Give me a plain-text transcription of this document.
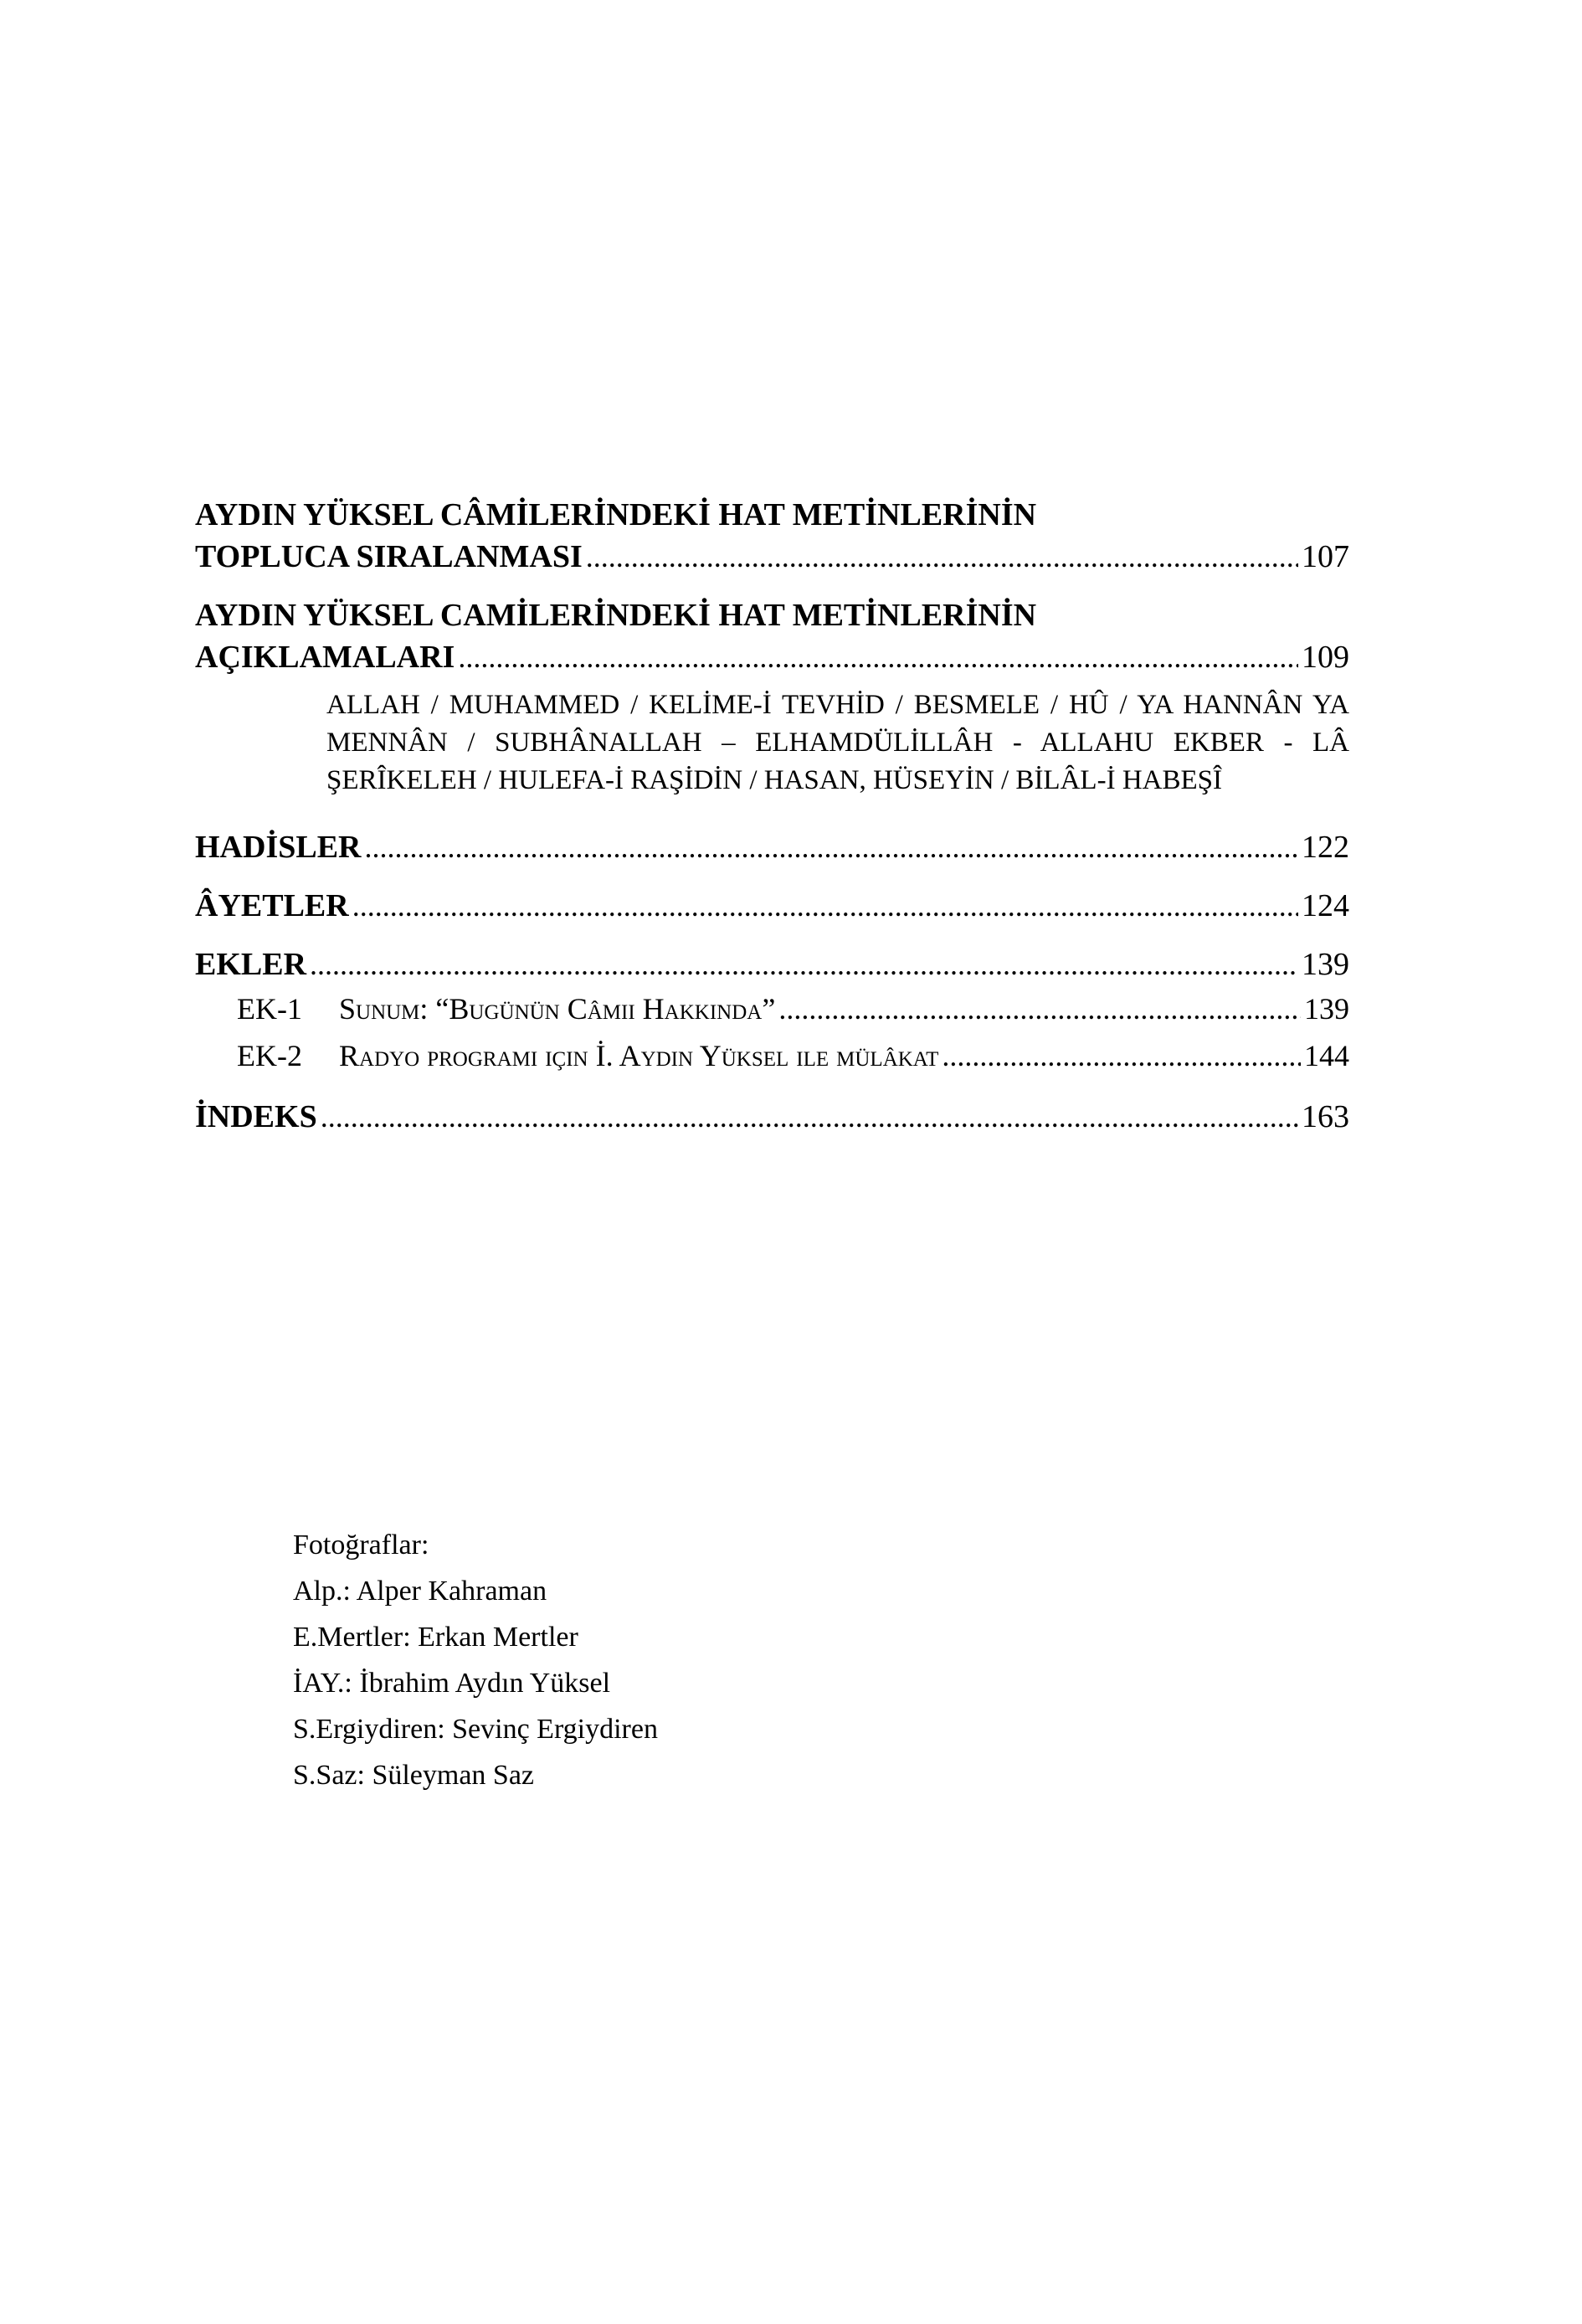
AYDIN YÜKSEL CÂMİLERİNDEKİ HAT METİNLERİNİN
TOPLUCA SIRALANMASI .....	107
AYDIN YÜKSEL CAMİLERİNDEKİ HAT METİNLERİNİN
AÇIKLAMALARI .....	109
ALLAH / MUHAMMED / KELİME-İ TEVHİD / BESMELE / HÛ / YA HANNÂN YA MENNÂN / SUBHÂNALLAH – ELHAMDÜLİLLÂH - ALLAHU EKBER - LÂ ŞERÎKELEH / HULEFA-İ RAŞİDİN / HASAN, HÜSEYİN / BİLÂL-İ HABEŞÎ
HADİSLER .....	122
ÂYETLER .....	124
EKLER .....	139
EK-1	Sunum: “Bugünün Câmii Hakkında” .....	139
EK-2	Radyo programı için İ. Aydın Yüksel ile mülâkat .....	144
İNDEKS .....	163
Fotoğraflar:
Alp.: Alper Kahraman
E.Mertler: Erkan Mertler
İAY.: İbrahim Aydın Yüksel
S.Ergiydiren: Sevinç Ergiydiren
S.Saz: Süleyman Saz
